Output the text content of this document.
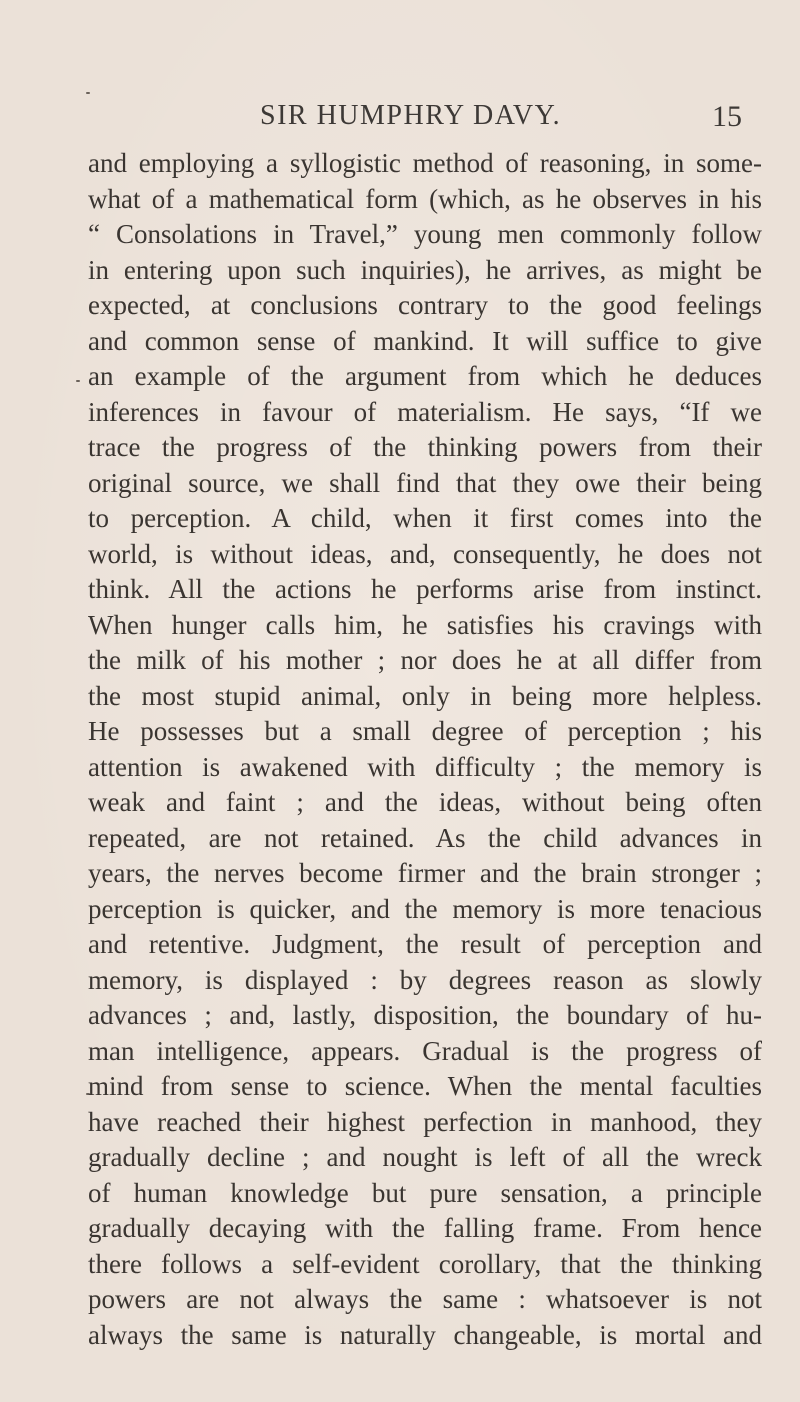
SIR HUMPHRY DAVY.	15
and employing a syllogistic method of reasoning, in some-
what of a mathematical form (which, as he observes in his
“ Consolations in Travel,” young men commonly follow
in entering upon such inquiries), he arrives, as might be
expected, at conclusions contrary to the good feelings
and common sense of mankind. It will suffice to give
an example of the argument from which he deduces
inferences in favour of materialism. He says, “If we
trace the progress of the thinking powers from their
original source, we shall find that they owe their being
to perception. A child, when it first comes into the
world, is without ideas, and, consequently, he does not
think. All the actions he performs arise from instinct.
When hunger calls him, he satisfies his cravings with
the milk of his mother ; nor does he at all differ from
the most stupid animal, only in being more helpless.
He possesses but a small degree of perception ; his
attention is awakened with difficulty ; the memory is
weak and faint ; and the ideas, without being often
repeated, are not retained. As the child advances in
years, the nerves become firmer and the brain stronger ;
perception is quicker, and the memory is more tenacious
and retentive. Judgment, the result of perception and
memory, is displayed : by degrees reason as slowly
advances ; and, lastly, disposition, the boundary of hu-
man intelligence, appears. Gradual is the progress of
mind from sense to science. When the mental faculties
have reached their highest perfection in manhood, they
gradually decline ; and nought is left of all the wreck
of human knowledge but pure sensation, a principle
gradually decaying with the falling frame. From hence
there follows a self-evident corollary, that the thinking
powers are not always the same : whatsoever is not
always the same is naturally changeable, is mortal and
